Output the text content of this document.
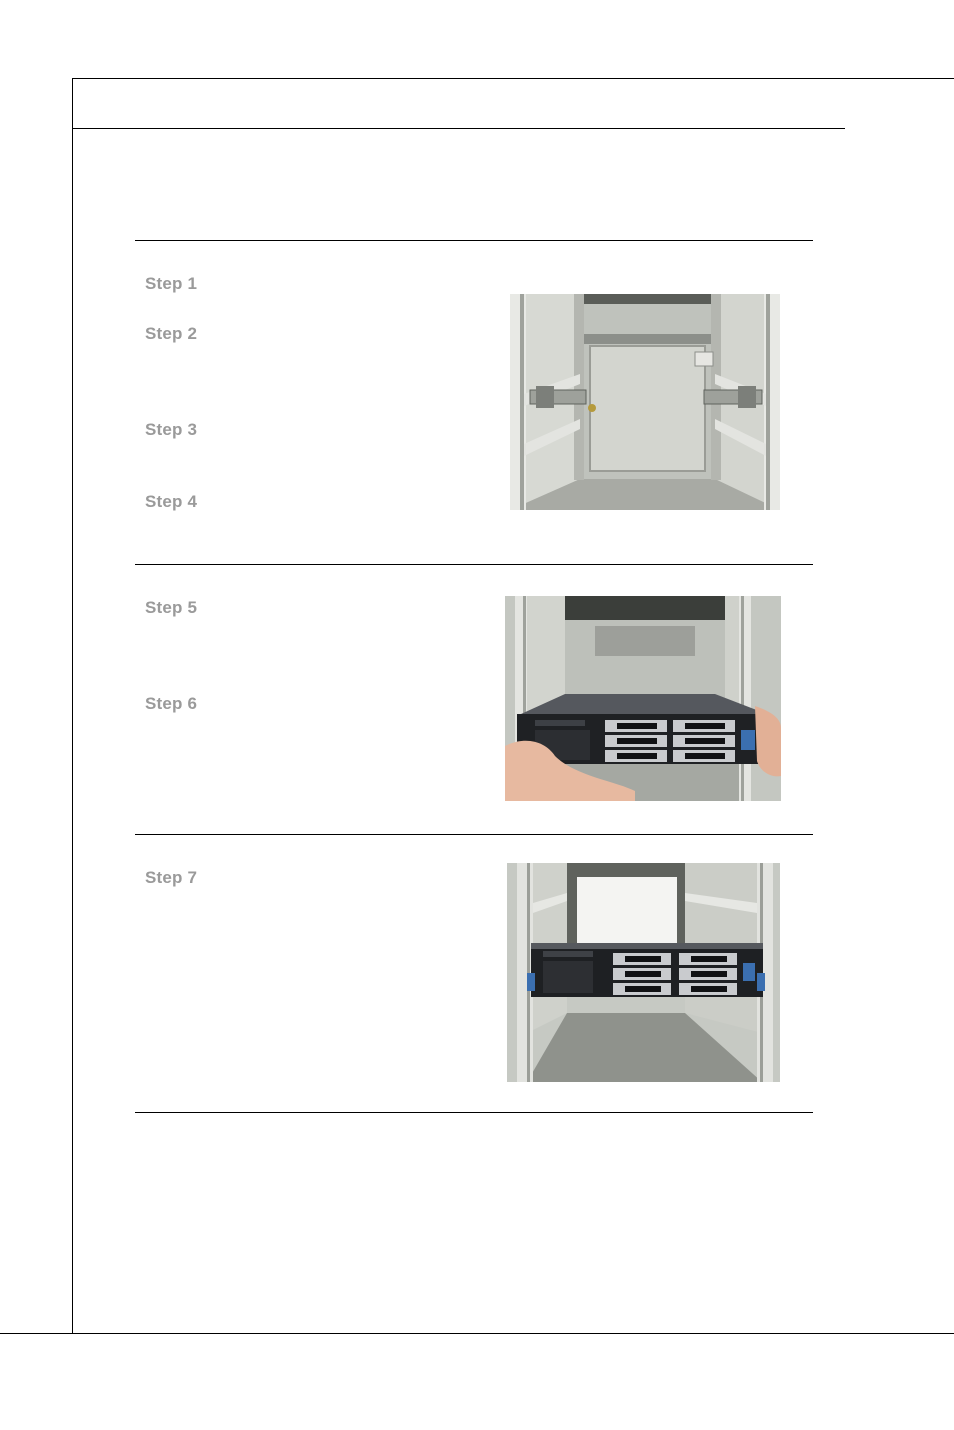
Step 1
Step 2
Step 3
Step 4
Step 5
Step 6
Step 7
